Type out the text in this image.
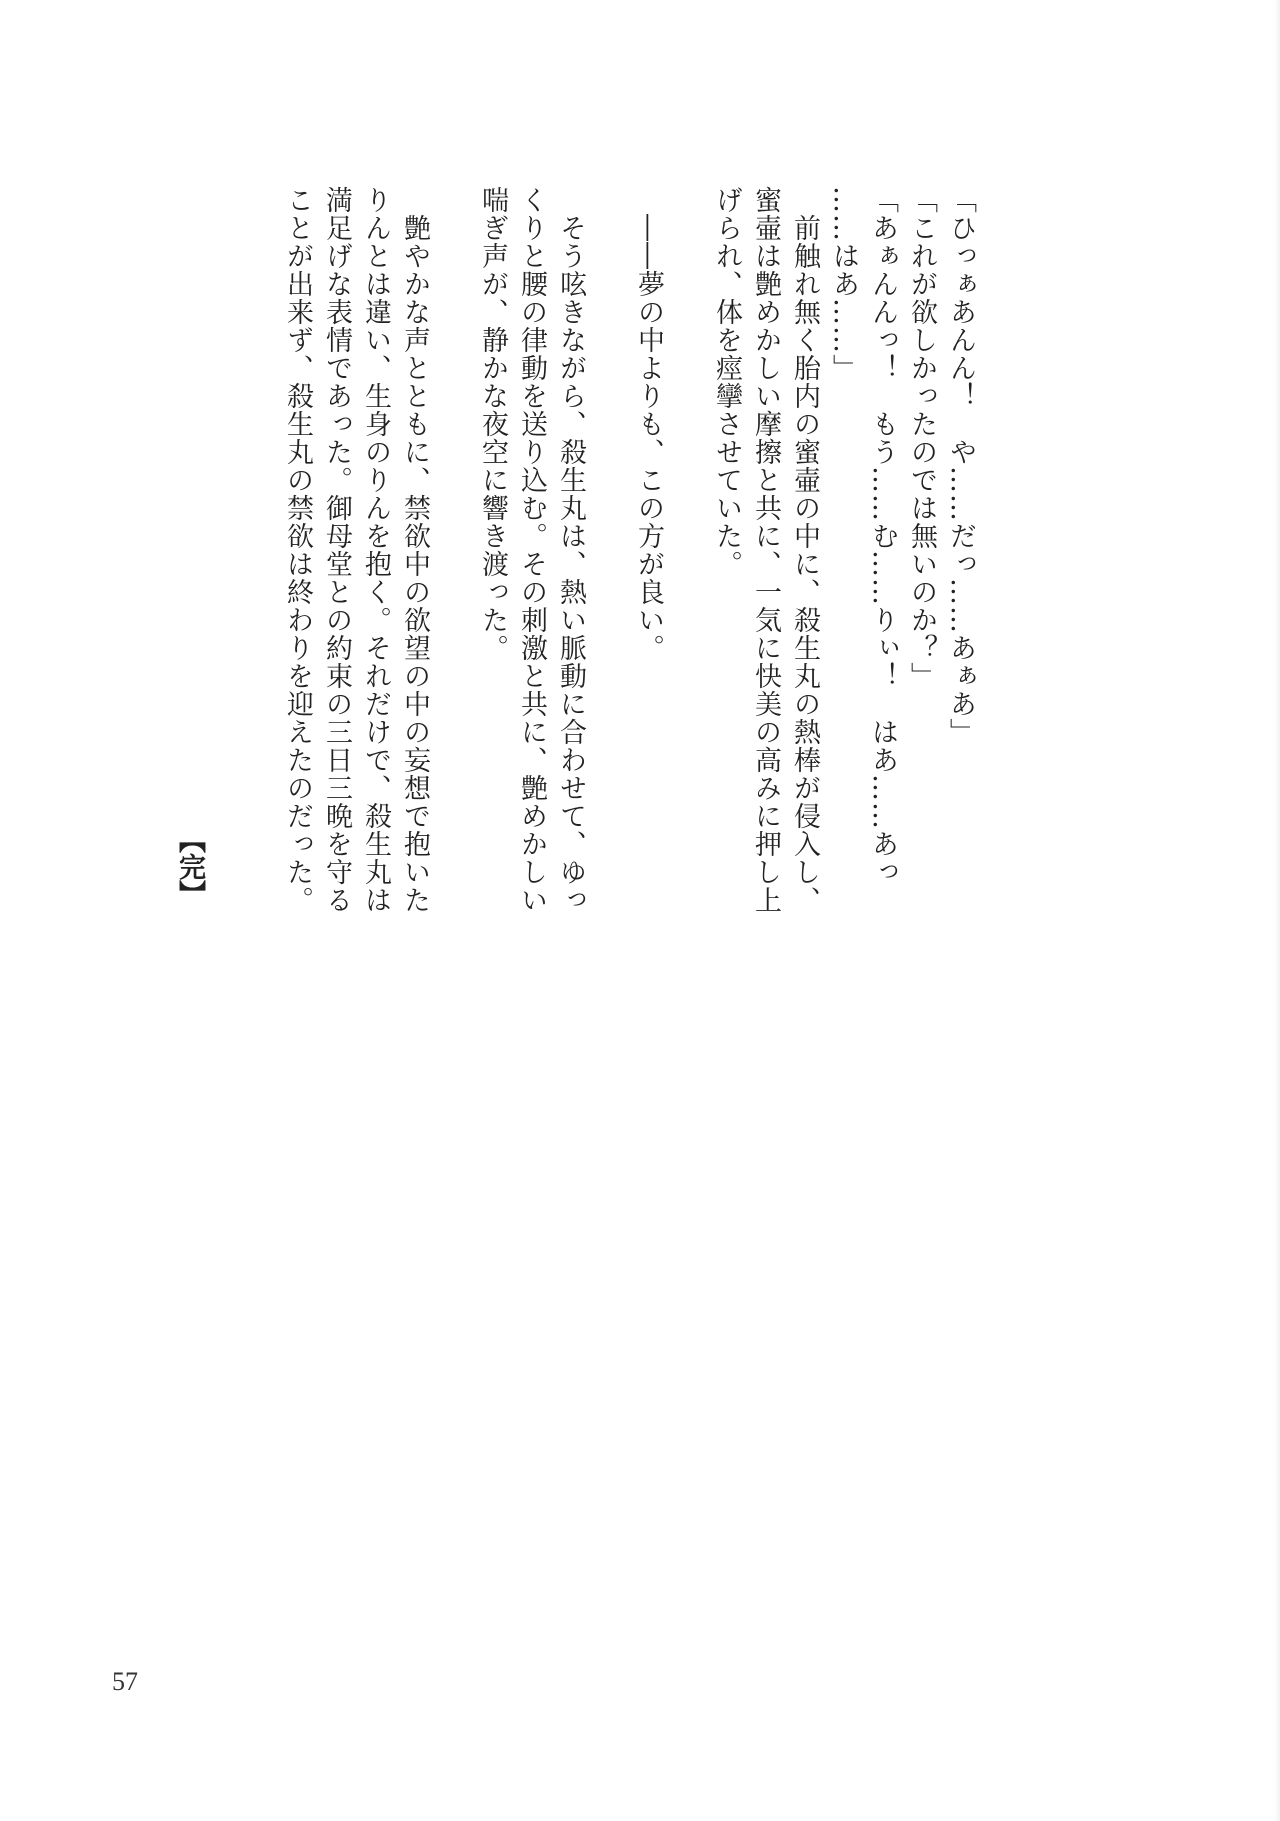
「ひっぁあんん！　や……だっ……あぁあ」

「これが欲しかったのでは無いのか？」

「あぁんんっ！　もう……む……りぃ！　はあ……あっ

……はあ……」

　前触れ無く胎内の蜜壷の中に、殺生丸の熱棒が侵入し、

蜜壷は艶めかしい摩擦と共に、一気に快美の高みに押し上

げられ、体を痙攣させていた。

　――夢の中よりも、この方が良い。

　そう呟きながら、殺生丸は、熱い脈動に合わせて、ゆっ

くりと腰の律動を送り込む。その刺激と共に、艶めかしい

喘ぎ声が、静かな夜空に響き渡った。

　艶やかな声とともに、禁欲中の欲望の中の妄想で抱いた

りんとは違い、生身のりんを抱く。それだけで、殺生丸は

満足げな表情であった。御母堂との約束の三日三晩を守る

ことが出来ず、殺生丸の禁欲は終わりを迎えたのだった。

【完】
57
